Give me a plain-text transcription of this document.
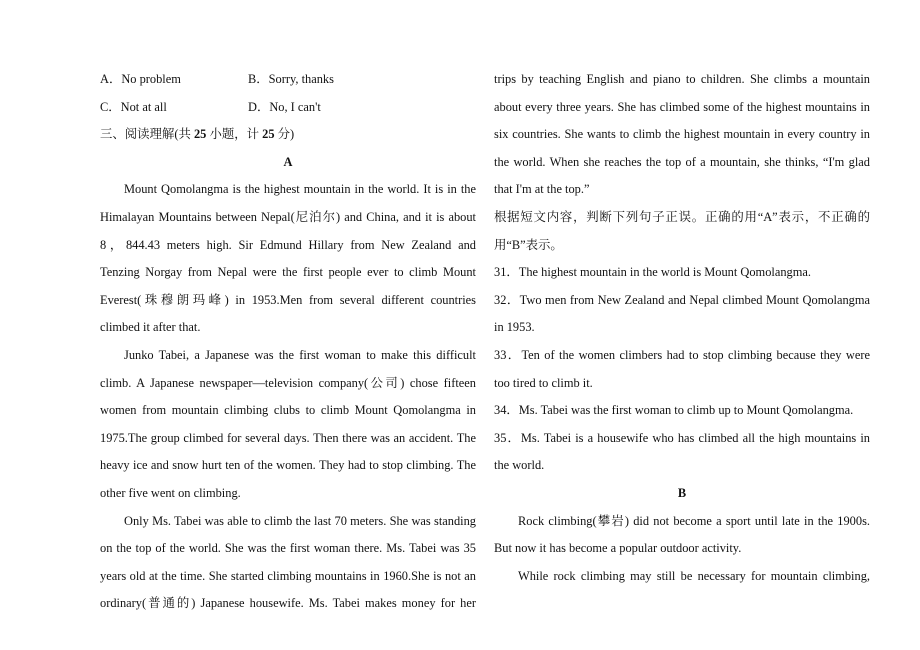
A．No problem	B．Sorry, thanks
C．Not at all	D．No, I can't

三、阅读理解(共 25 小题，计 25 分)

A

Mount Qomolangma is the highest mountain in the world. It is in the Himalayan Mountains between Nepal(尼泊尔) and China, and it is about 8，844.43 meters high. Sir Edmund Hillary from New Zealand and Tenzing Norgay from Nepal were the first people ever to climb Mount Everest(珠穆朗玛峰) in 1953.Men from several different countries climbed it after that.

Junko Tabei, a Japanese was the first woman to make this difficult climb. A Japanese newspaper—television company(公司) chose fifteen women from mountain climbing clubs to climb Mount Qomolangma in 1975.The group climbed for several days. Then there was an accident. The heavy ice and snow hurt ten of the women. They had to stop climbing. The other five went on climbing.

Only Ms. Tabei was able to climb the last 70 meters. She was standing on the top of the world. She was the first woman there. Ms. Tabei was 35 years old at the time. She started climbing mountains in 1960.She is not an ordinary(普通的) Japanese housewife. Ms. Tabei makes money for her

trips by teaching English and piano to children. She climbs a mountain about every three years. She has climbed some of the highest mountains in six countries. She wants to climb the highest mountain in every country in the world. When she reaches the top of a mountain, she thinks, “I'm glad that I'm at the top.”

根据短文内容，判断下列句子正误。正确的用“A”表示，不正确的用“B”表示。

31．The highest mountain in the world is Mount Qomolangma.

32．Two men from New Zealand and Nepal climbed Mount Qomolangma in 1953.

33．Ten of the women climbers had to stop climbing because they were too tired to climb it.

34．Ms. Tabei was the first woman to climb up to Mount Qomolangma.

35．Ms. Tabei is a housewife who has climbed all the high mountains in the world.

B

Rock climbing(攀岩) did not become a sport until late in the 1900s. But now it has become a popular outdoor activity.

While rock climbing may still be necessary for mountain climbing,
